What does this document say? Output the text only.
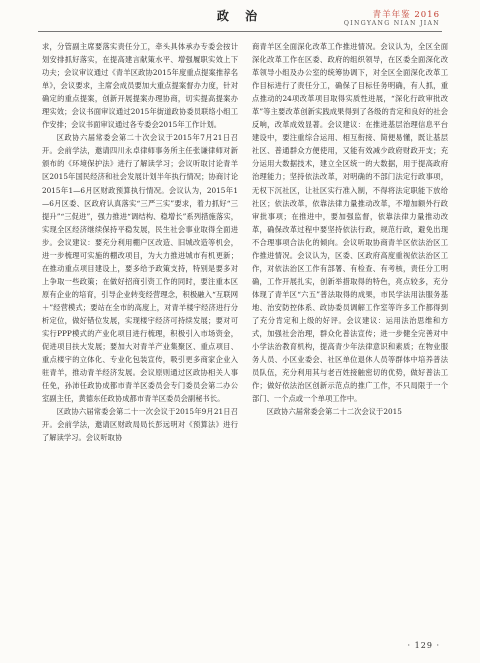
政 治	青羊年鉴 2016
QINGYANG NIAN JIAN

求，分管副主席要落实责任分工，牵头具体承办专委会按计划安排抓好落实，在提高建言献策水平、增强履职实效上下功夫；会议审议通过《青羊区政协2015年度重点提案推荐名单》，会议要求，主席会成员要加大重点提案督办力度，针对确定的重点提案，创新开展提案办理协商，切实提高提案办理实效；会议书面审议通过2015年街道政协委员联络小组工作安排；会议书面审议通过各专委会2015年工作计划。

区政协六届常委会第二十次会议于2015年7月21日召开。会前学法，邀请四川永卓律师事务所主任张谦律师对新颁布的《环境保护法》进行了解读学习；会议听取讨论青羊区2015年国民经济和社会发展计划半年执行情况；协商讨论2015年1—6月区财政预算执行情况。会议认为，2015年1—6月区委、区政府认真落实“三严三实”要求，着力抓好“三提升”“三促进”，强力推进“调结构、稳增长”系列措施落实，实现全区经济继续保持平稳发展，民生社会事业取得全面进步。会议建议：要充分利用棚户区改造、旧城改造等机会，进一步梳理可实施的棚改项目，为大力推进城市有机更新；在推动重点项目建设上，要多给予政策支持，特别是要多对上争取一些政策；在做好招商引资工作的同时，要注重本区原有企业的培育，引导企业转变经营理念，积极融入“互联网＋”经营模式；要站在全市的高度上，对青羊楼宇经济进行分析定位，做好错位发展，实现楼宇经济可持续发展；要对可实行PPP模式的产业化项目进行梳理，积极引入市场资金，促进项目扶大发展；要加大对青羊产业集聚区、重点项目、重点楼宇的立体化、专业化包装宣传，吸引更多商家企业入驻青羊，推动青羊经济发展。会议原则通过区政协相关人事任免，孙沛任政协成都市青羊区委员会专门委员会第二办公室副主任，黄德东任政协成都市青羊区委员会副秘书长。

区政协六届常委会第二十一次会议于2015年9月21日召开。会前学法，邀请区财政局局长彭远明对《预算法》进行了解读学习。会议听取协

商青羊区全面深化改革工作推进情况。会议认为，全区全面深化改革工作在区委、政府的组织领导，在区委全面深化改革领导小组及办公室的统筹协调下，对全区全面深化改革工作目标进行了责任分工，确保了目标任务明确，有人抓，重点推动的24项改革项目取得实质性进展，“深化行政审批改革”等主要改革创新实践成果得到了各级的肯定和良好的社会反响，改革成效显著。会议建议：在推进基层治理信息平台建设中，要注重综合运用、相互衔接、简便易懂，既让基层社区、普通群众方便使用，又能有效减少政府财政开支；充分运用大数据技术，建立全区统一的大数据，用于提高政府治理能力；坚持依法改革，对明确的不部门法定行政事项，无权下沉社区，让社区实行准入制，不得将法定职能下放给社区；依法改革，依靠法律力量推动改革，不增加额外行政审批事项；在推进中，要加强监督，依靠法律力量推动改革，确保改革过程中要坚持依法行政，规范行政，避免出现不合理事项合法化的倾向。会议听取协商青羊区依法治区工作推进情况。会议认为，区委、区政府高度重视依法治区工作，对依法治区工作有部署、有检查、有考核，责任分工明确，工作开展扎实，创新举措取得的特色，亮点较多，充分体现了青羊区“六五”普法取得的成果，市民学法用法服务基地、治安防控体系、政协委员调解工作室等许多工作都得到了充分肯定和上级的好评。会议建议：运用法治思维和方式，加强社会治理，群众化普法宣传；进一步健全完善对中小学法治教育机构，提高青少年法律意识和素质；在物业服务人员、小区业委会、社区单位退休人员等群体中培养普法员队伍，充分利用其与老百姓接触密切的优势，做好普法工作；做好依法治区创新示范点的推广工作，不只局限于一个部门、一个点或一个单项工作中。

区政协六届常委会第二十二次会议于2015

· 129 ·
